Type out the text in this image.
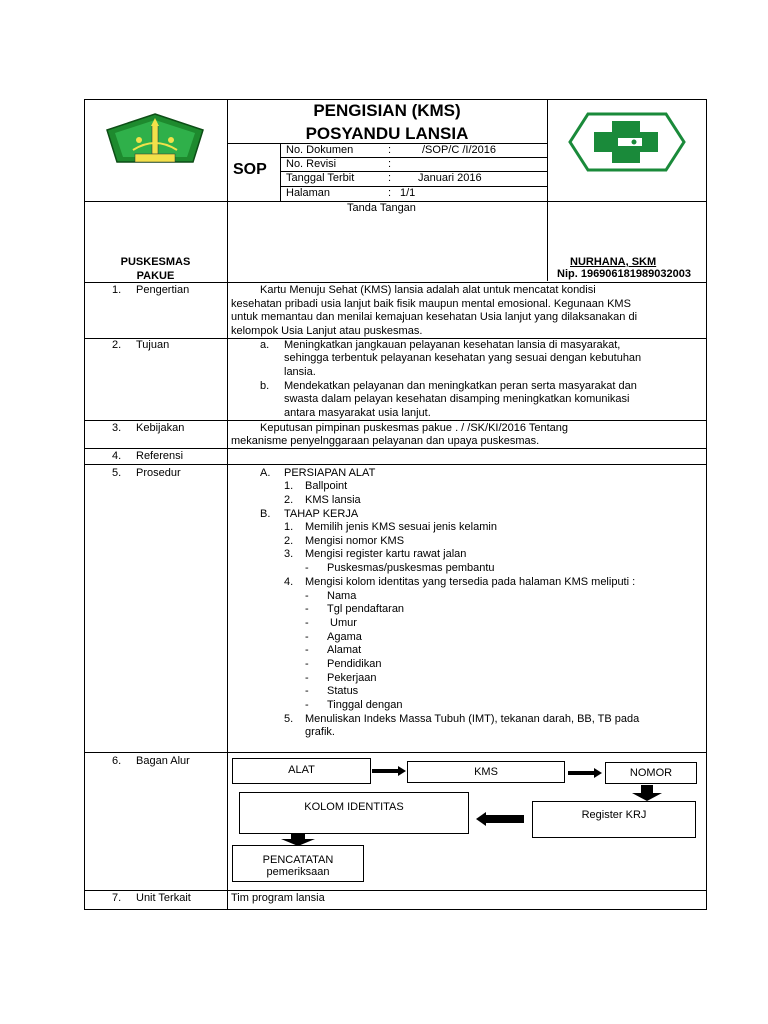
PENGISIAN (KMS)
POSYANDU LANSIA
SOP
No. Dokumen	:	/SOP/C /I/2016
No. Revisi	:
Tanggal Terbit	: Januari 2016
Halaman	: 1/1
Tanda Tangan
PUSKESMAS
PAKUE
NURHANA, SKM
Nip. 196906181989032003
1. Pengertian	Kartu Menuju Sehat (KMS) lansia adalah alat untuk mencatat kondisi
kesehatan pribadi usia lanjut baik fisik maupun mental emosional. Kegunaan KMS
untuk memantau dan menilai kemajuan kesehatan Usia lanjut yang dilaksanakan di
kelompok Usia Lanjut atau puskesmas.
2. Tujuan	a. Meningkatkan jangkauan pelayanan kesehatan lansia di masyarakat,
sehingga terbentuk pelayanan kesehatan yang sesuai dengan kebutuhan
lansia.
b. Mendekatkan pelayanan dan meningkatkan peran serta masyarakat dan
swasta dalam pelayan kesehatan disamping meningkatkan komunikasi
antara masyarakat usia lanjut.
3. Kebijakan	Keputusan pimpinan puskesmas pakue . / /SK/KI/2016 Tentang
mekanisme penyelnggaraan pelayanan dan upaya puskesmas.
4. Referensi
5. Prosedur	A. PERSIAPAN ALAT
1. Ballpoint
2. KMS lansia
B. TAHAP KERJA
1. Memilih jenis KMS sesuai jenis kelamin
2. Mengisi nomor KMS
3. Mengisi register kartu rawat jalan
- Puskesmas/puskesmas pembantu
4. Mengisi kolom identitas yang tersedia pada halaman KMS meliputi :
- Nama
- Tgl pendaftaran
- Umur
- Agama
- Alamat
- Pendidikan
- Pekerjaan
- Status
- Tinggal dengan
5. Menuliskan Indeks Massa Tubuh (IMT), tekanan darah, BB, TB pada
grafik.
6. Bagan Alur
ALAT	KMS	NOMOR
KOLOM IDENTITAS
Register KRJ
PENCATATAN
pemeriksaan
7. Unit Terkait	Tim program lansia
